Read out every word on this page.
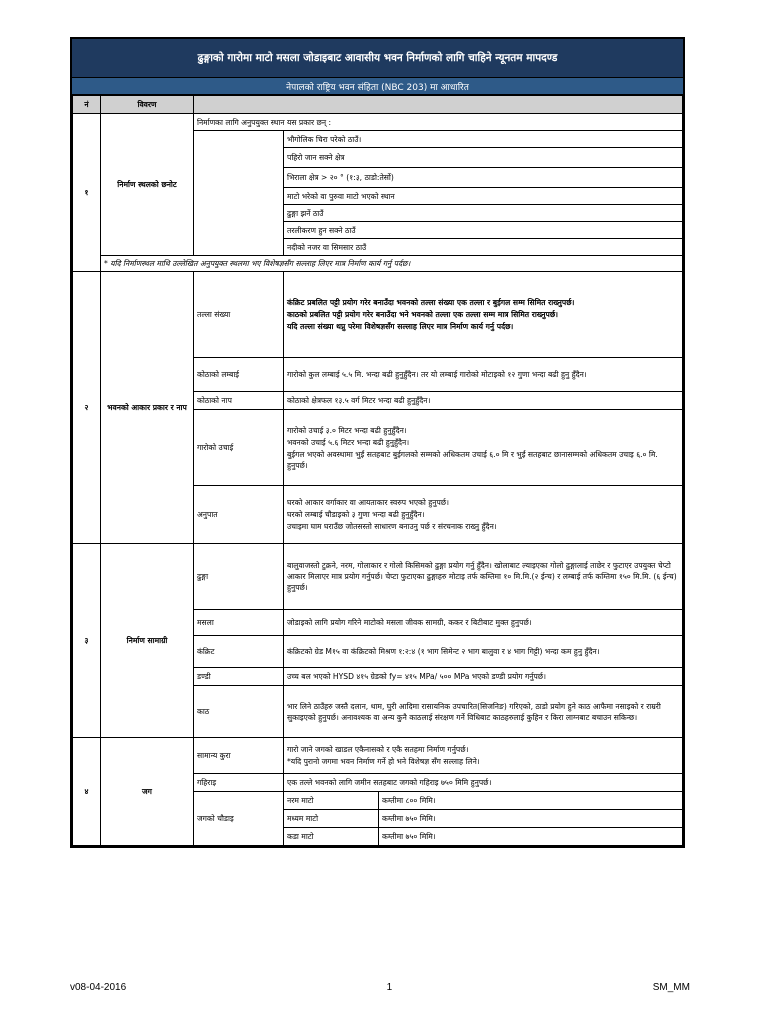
ढुङ्गाको गारोमा माटो मसला जोडाइबाट आवासीय भवन निर्माणको लागि चाहिने न्यूनतम मापदण्ड
नेपालको राष्ट्रिय भवन संहिता (NBC 203) मा आधारित
नं	विवरण			
१	निर्माण स्थलको छनोट	निर्माणका लागि अनुपयुक्त स्थान यस प्रकार छन् :		
			भौगोलिक चिरा परेको ठाउँ।	
			पहिरो जान सक्ने क्षेत्र	
			भिराला क्षेत्र > २० ° (१:३, ठाडो:तेर्सो)	
			माटो भरेको वा पुरुवा माटो भएको स्थान	
			ढुङ्गा झर्ने ठाउँ	
			तरलीकरण हुन सक्ने ठाउँ	
			नदीको नजर वा सिमसार ठाउँ	
	* यदि निर्माणस्थल माथि उल्लेखित अनुपयुक्त स्थलमा भए विशेषज्ञसँग सल्लाह लिएर मात्र निर्माण कार्य गर्नु पर्दछ।			
२	भवनको आकार प्रकार र नाप	तल्ला संख्या	कंक्रिट प्रबलित पट्टी प्रयोग गरेर बनाउँदा भवनको तल्ला संख्या एक तल्ला र बुईगल सम्म सिमित राख्नुपर्छ।
काठको प्रबलित पट्टी प्रयोग गरेर बनाउँदा भने भवनको तल्ला एक तल्ला सम्म मात्र सिमित राख्नुपर्छ।
यदि तल्ला संख्या थप्नु परेमा विशेषज्ञसँग सल्लाह लिएर मात्र निर्माण कार्य गर्नु पर्दछ।	

		कोठाको लम्बाई	गारोको कुल लम्बाई ५.५ मि. भन्दा बढी हुनुहुँदैन। तर यो लम्बाई गारोको मोटाइको १२ गुणा भन्दा बढी हुनु हुँदैन।	

		कोठाको नाप	कोठाको क्षेत्रफल १३.५ वर्ग मिटर भन्दा बढी हुनुहुँदैन।	

		गारोको उचाई	गारोको उचाई ३.० मिटर भन्दा बढी हुनुहुँदैन।
भवनको उचाई ५.६ मिटर भन्दा बढी हुनुहुँदैन।
बुईगल भएको अवस्थामा भुईं सतहबाट बुईगलको सम्मको अधिकतम उचाई ६.० मि र भुईं सतहबाट छानासम्मको अधिकतम उचाइ ६.० मि. हुनुपर्छ।	

		अनुपात	घरको आकार वर्गाकार वा आयताकार स्वरुप भएको हुनुपर्छ।
घरको लम्बाई चौडाइको ३ गुणा भन्दा बढी हुनुहुँदैन।
उचाइमा घाम घराउँछ जोतसस्तो साधारण बनाउनु पर्छ र संरचनाक राख्नु हुँदैन।	

३	निर्माण सामाग्री	ढुङ्गा	बालुवाजस्तो टुक्रने, नरम, गोलाकार र गोलो किसिमको ढुङ्गा प्रयोग गर्नु हुँदैन। खोलाबाट ल्याइएका गोलो ढुङ्गालाई ताछेर र फुटाएर उपयुक्त चेप्टो आकार मिलाएर मात्र प्रयोग गर्नुपर्छ। चेप्टा फुटाएका ढुङ्गाहरु मोटाइ तर्फ कम्तिमा १० मि.मि.(२ ईन्च) र लम्बाई तर्फ कम्तिमा १५० मि.मि. (६ ईन्च) हुनुपर्छ।	

		मसला	जोडाइको लागि प्रयोग गरिने माटोको मसला जीवक सामग्री, ककर र बिटीबाट मुक्त हुनुपर्छ।	

		कंक्रिट	कंक्रिटको ग्रेड M१५ वा कंक्रिटको मिश्रण १:२:४ (१ भाग सिमेन्ट २ भाग बालुवा र ४ भाग गिट्टी) भन्दा कम हुनु हुँदैन।	

		डण्डी	उच्च बल भएको HYSD ४१५ ग्रेडको fy= ४१५ MPa/ ५०० MPa भएको डण्डी प्रयोग गर्नुपर्छ।	

		काठ	भार लिने ठाउँहरु जस्तै दलान, थाम, घुरी आदिमा रासायनिक उपचारित(सिजनिङ) गरिएको, ठाडो प्रयोग हुने काठ आफैमा नसाइको र राम्ररी सुकाइएको हुनुपर्छ। अनावश्यक वा अन्य कुनै काठलाई संरक्षण गर्ने विधिबाट काठहरुलाई कुहिन र किरा लाग्नबाट बचाउन सकिन्छ।	

४	जग	सामान्य कुरा	गारो जाने जगको खाडल एकैनासको र एकै सतहमा निर्माण गर्नुपर्छ।
*यदि पुरानो जगमा भवन निर्माण गर्ने हो भने विशेषज्ञ सँग सल्लाह लिने।	

		गहिराइ	एक तल्ले भवनको लागि जमीन सतहबाट जगको गहिराइ ७५० मिमि हुनुपर्छ।	
		जगको चौडाइ	नरम माटो	कम्तीमा ८०० मिमि।
			मध्यम माटो	कम्तीमा ७५० मिमि।
			कडा माटो	कम्तीमा ७५० मिमि।
v08-04-2016	1	SM_MM
